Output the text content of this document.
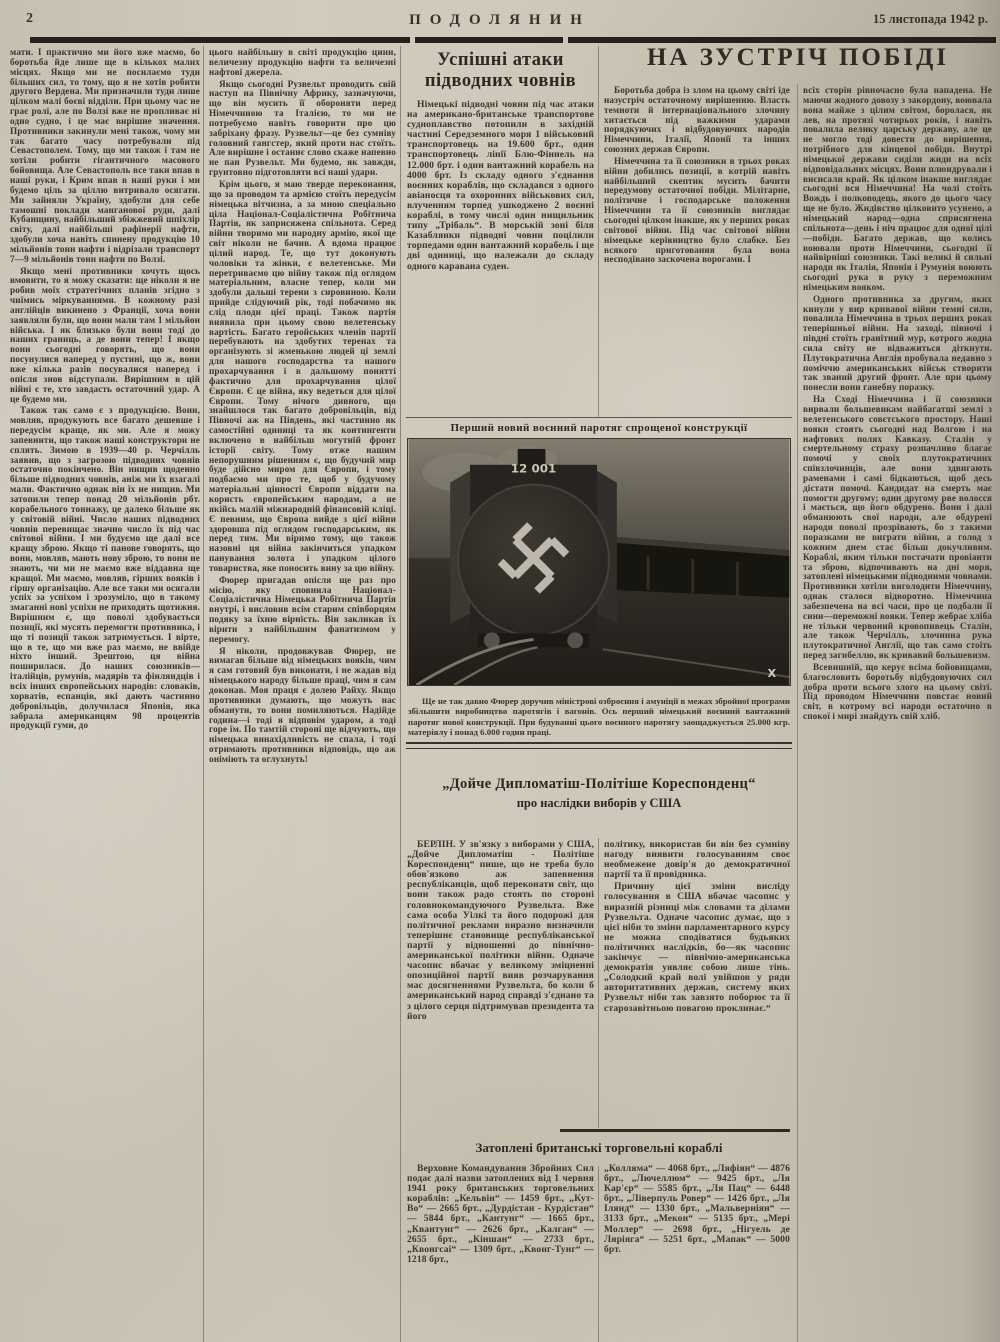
2	ПОДОЛЯНИН	15 листопада 1942 р.

мати. І практично ми його вже маємо, бо боротьба йде лише ще в кількох малих місцях. Якщо ми не посилаємо туди більших сил, то тому, що я не хотів робити другого Вердена. Ми призначили туди лише цілком малі боєві відділи. При цьому час не грає ролі, але по Волзі вже не пропливає ні одно судно, і це має вирішне значення. Противники закинули мені також, чому ми так багато часу потребували під Севастополем. Тому, що ми також і там не хотіли робити гігантичного масового бойовища. Але Севастополь все таки впав в наші руки, і Крим впав в наші руки і ми будемо ціль за ціллю витривало осягати. Ми зайняли Україну, здобули для себе тамошні поклади манганової руди, далі Кубанщину, найбільший збіжжевий шпіхлір світу, далі найбільші рафінерії нафти, здобули хоча навіть спинену продукцію 10 мільйонів тонн нафти і відрізали транспорт 7—9 мільйонів тонн нафти по Волзі.

Якщо мені противники хочуть щось вмовити, то я можу сказати: ще ніколи я не робив моїх стратегічних планів згідно з чиїмись міркуваннями. В кожному разі англійців викинено з Франції, хоча вони заявляли були, що вони мали там 1 мільйон війська. І як близько були вони тоді до наших границь, а де вони тепер! І якщо вони сьогодні говорять, що вони посунулися наперед у пустині, що ж, вони вже кілька разів посувалися наперед і опісля знов відступали. Вирішним в цій війні є те, хто завдасть остаточний удар. А це будемо ми.

Також так само є з продукцією. Вони, мовляв, продукують все багато дешевше і передусім краще, як ми. Але я можу запевнити, що також наші конструктори не сплять. Зимою в 1939—40 р. Черчілль заявив, що з загрозою підводних човнів остаточно покінчено. Він нищив щоденно більше підводних човнів, аніж ми їх взагалі мали. Фактично однак він їх не нищив. Ми затопили тепер понад 20 мільйонів рбт. корабельного тоннажу, це далеко більше як у світовій війні. Число наших підводних човнів перевищає значно число їх під час світової війни. І ми будуємо ще далі все кращу зброю. Якщо ті панове говорять, що вони, мовляв, мають нову зброю, то вони не знають, чи ми не маємо вже віддавна ще кращої. Ми маємо, мовляв, гірших вояків і гіршу організацію. Але все таки ми осягали успіх за успіхом і зрозуміло, що в такому змаганні нові успіхи не приходять щотижня. Вирішним є, що поволі здобувається позиції, які мусять перемогти противника, і що ті позиції також затримується. І вірте, що в те, що ми вже раз маємо, не ввійде ніхто інший. Зрештою, ця війна поширилася. До наших союзників—італійців, румунів, мадярів та фінляндців і всіх інших європейських народів: словаків, хорватів, еспанців, які дають частинно добровільців, долучилася Японія, яка забрала американцям 98 процентів продукції гуми, до

цього найбільшу в світі продукцію цини, величезну продукцію нафти та величезні нафтові джерела.

Якщо сьогодні Рузвельт проводить свій наступ на Північну Африку, зазначуючи, що він мусить її обороняти перед Німеччиною та Італією, то ми не потребуємо навіть говорити про цю забріхану фразу. Рузвельт—це без сумніву головний гангстер, який проти нас стоїть. Але вирішне і останнє слово скаже напевно не пан Рузвельт. Ми будемо, як завжди, грунтовно підготовляти всі наші удари.

Крім цього, я маю тверде переконання, що за проводом та армією стоїть передусім німецька вітчизна, а за мною спеціально ціла Націонал-Соціалістична Робітнича Партія, як заприсяжена спільнота. Серед війни творимо ми народну армію, якої ще світ ніколи не бачив. А вдома працює цілий народ. Те, що тут доконують чоловіки та жінки, є велетенське. Ми перетриваємо цю війну також під оглядом матеріальним, власне тепер, коли ми здобули дальші терени з сировиною. Коли прийде слідуючий рік, тоді побачимо як слід плоди цієї праці. Також партія виявила при цьому свою велетенську вартість. Багато геройських членів партії перебувають на здобутих теренах та організують зі жменькою людей ці землі для нашого господарства та нашого прохарчування і в дальшому понятті фактично для прохарчування цілої Європи. Є це війна, яку ведеться для цілої Європи. Тому нічого дивного, що знайшлося так багато добровільців, від Півночі аж на Південь, які частинно як самостійні одиниці та як контингенти включено в найбільш могутній фронт історії світу. Тому отже нашим непорушним рішенням є, що будучий мир буде дійсно миром для Європи, і тому подбаємо ми про те, щоб у будучому матеріальні цінності Європи віддати на користь європейським народам, а не якійсь малій міжнародній фінансовій кліці. Є певним, що Європа вийде з цієї війни здоровша під оглядом господарським, як перед тим. Ми віримо тому, що також назовні ця війна закінчиться упадком панування золота і упадком цілого товариства, яке поносить вину за цю війну.

Фюрер пригадав опісля ще раз про місію, яку сповнила Націонал-Соціалістична Німецька Робітнича Партія внутрі, і висловив всім старим співборцям подяку за їхню вірність. Він закликав їх вірити з найбільшим фанатизмом у перемогу.

Я ніколи, продовжував Фюрер, не вимагав більше від німецьких вояків, чим я сам готовий був виконати, і не жадав від німецького народу більше праці, чим я сам доконав. Моя праця є долею Райху. Якщо противники думають, що можуть нас обманути, то вони помиляються. Надійде година—і тоді я відповім ударом, а тоді горе їм. По тамтій стороні ще відчують, що німецька винахідливість не спала, і тоді отримають противники відповідь, що аж оніміють та оглухнуть!

Успішні атаки
підводних човнів

Німецькі підводні човни під час атаки на американо-британське транспортове судноплавство потопили в західній частині Середземного моря 1 військовий транспортовець на 19.600 брт., один транспортовець лінії Блю-Фіннель на 12.000 брт. і один вантажний корабель на 4000 брт. Із складу одного з'єднання воєнних кораблів, що складався з одного авіаносця та охоронних військових сил, влученням торпед ушкоджено 2 воєнні кораблі, в тому числі один нищильник типу „Трібаль“. В морській зоні біля Казаблянки підводні човни поцілили торпедами один вантажний корабель і ще дві одиниці, що належали до складу одного каравана суден.

НА ЗУСТРІЧ ПОБІДІ

Боротьба добра із злом на цьому світі іде назустріч остаточному вирішенню. Власть темноти й інтернаціонального злочину хитається під важкими ударами порядкуючих і відбудовуючих народів Німеччини, Італії, Японії та інших союзних держав Європи.

Німеччина та її союзники в трьох роках війни добились позиції, в котрій навіть найбільший скептик мусить бачити передумову остаточної побіди. Мілітарне, політичне і господарське положення Німеччини та її союзників виглядає сьогодні цілком інакше, як у перших роках світової війни. Під час світової війни німецьке керівництво було слабке. Без всякого приготовання була вона несподівано заскочена ворогами. І

всіх сторін рівночасно була нападена. Не маючи жодного довозу з закордону, воювала вона майже з цілим світом, боролася, як лев, на протязі чотирьох років, і навіть повалила велику царську державу, але це не могло тоді довести до вирішення, потрібного для кінцевої побіди. Внутрі німецької держави сиділи жиди на всіх відповідальних місцях. Вони плюндрували і висисали край. Як цілком інакше виглядає сьогодні вся Німеччина! На чолі стоїть Вождь і полководець, якого до цього часу ще не було. Жидівство цілковито усунено, а німецький народ—одна сприсягнена спільнота—день і ніч працює для одної цілі—побіди. Багато держав, що колись воювали проти Німеччини, сьогодні її найвірніші союзники. Такі великі й сильні народи як Італія, Японія і Румунія воюють сьогодні рука в руку з переможним німецьким вояком.

Одного противника за другим, яких кинули у вир кривавої війни темні сили, повалила Німеччина в трьох перших роках теперішньої війни. На заході, півночі і півдні стоїть гранітний мур, котрого жодна сила світу не відважиться діткнути. Плутократична Англія пробувала недавно з поміччю американських військ створити так званий другий фронт. Але при цьому понесли вони ганебну поразку.

На Сході Німеччина і її союзники вирвали большевикам найбагатші землі з велетенського совєтського простору. Наші вояки стоять сьогодні над Волгою і на нафтових полях Кавказу. Сталін у смертельному страху розпачливо благає помочі у своїх плутократичних співзлочинців, але вони здвигають раменами і самі бідкаються, щоб десь дістати помочі. Кандидат на смерть має помогти другому; один другому рве волосся і мається, що його обдурено. Вони і далі обманюють свої народи, але обдурені народи поволі прозрівають, бо з такими поразками не виграти війни, а голод з кожним днем стає більш докучливим. Кораблі, яким тільки постачати провіанти та зброю, відпочивають на дні моря, затоплені німецькими підводними човнами. Противники хотіли виголодити Німеччину, однак сталося відворотно. Німеччина забезпечена на всі часи, про це подбали її сини—переможні вояки. Тепер жебрає хліба не тільки червоний кровопивець Сталін, але також Черчілль, злочинна рука плутократичної Англії, що так само стоїть перед загибеллю, як кривавий большевизм.

Всевишній, що керує всіма бойовищами, благословить боротьбу відбудовуючих сил добра проти всього злого на цьому світі. Під проводом Німеччини повстає новий світ, в котрому всі народи остаточно в спокої і мирі знайдуть свій хліб.

Перший новий воєнний паротяг спрощеної конструкції
12 001
X
Ще не так давно Фюрер доручив міністрові озброєння і амуніції в межах збройної програми збільшити виробництво паротягів і вагонів. Ось перший німецький воєнний вантажний паротяг нової конструкції. При будуванні цього воєнного паротягу заощаджується 25.000 кгр. матеріялу і понад 6.000 годин праці.
„Дойче Дипломатіш-Політіше Кореспонденц“
про наслідки виборів у США

БЕРЛІН. У зв'язку з виборами у США, „Дойче Дипломатіш - Політіше Кореспонденц“ пише, що не треба було обов'язково аж запевнення республіканців, щоб переконати світ, що вони також радо стоять по стороні головнокомандуючого Рузвельта. Вже сама особа Уілкі та його подорожі для політичної реклами виразно визначили теперішнє становище республіканської партії у відношенні до північно-американської політики війни. Одначе часопис вбачає у великому зміцненні опозиційної партії вияв розчарування мас досягненнями Рузвельта, бо коли б американський народ справді з'єднано та з цілого серця підтримував президента та його

політику, використав би він без сумніву нагоду виявити голосуванням своє необмежене довір'я до демократичної партії та її провідника.

Причину цієї зміни висліду голосування в США вбачає часопис у виразній різниці між словами та ділами Рузвельта. Одначе часопис думає, що з цієї ніби то зміни парламентарного курсу не можна сподіватися будьяких політичних наслідків, бо—як часопис закінчує — північно-американська демократія уявляє собою лише тінь. „Солодкий край волі увійшов у ряди авторитативних держав, систему яких Рузвельт ніби так завзято поборює та її старозавітньою повагою проклинає.“

Затоплені британські торговельні кораблі

Верховне Командування Збройних Сил подає далі назви затоплених від 1 червня 1941 року британських торговельних кораблів: „Кельвін“ — 1459 брт., „Кут-Во“ — 2665 брт., „Дурдістан - Курдістан“ — 5844 брт., „Кантунг“ — 1665 брт., „Квантунг“ — 2626 брт., „Калган“ — 2655 брт., „Кіншан“ — 2733 брт., „Квонгсаї“ — 1309 брт., „Квонг-Тунг“ — 1218 брт.,

„Колляма“ — 4068 брт., „Ляфіян“ — 4876 брт., „Лючеллюм“ — 9425 брт., „Ля Кар'єр“ — 5585 брт., „Ля Пац“ — 6448 брт., „Ліверпуль Ровер“ — 1426 брт., „Ля Ілянд“ — 1330 брт., „Мальверніян“ — 3133 брт., „Мекон“ — 5135 брт., „Мері Моллер“ — 2698 брт., „Нігуель де Ляріяга“ — 5251 брт., „Мапак“ — 5000 брт.
